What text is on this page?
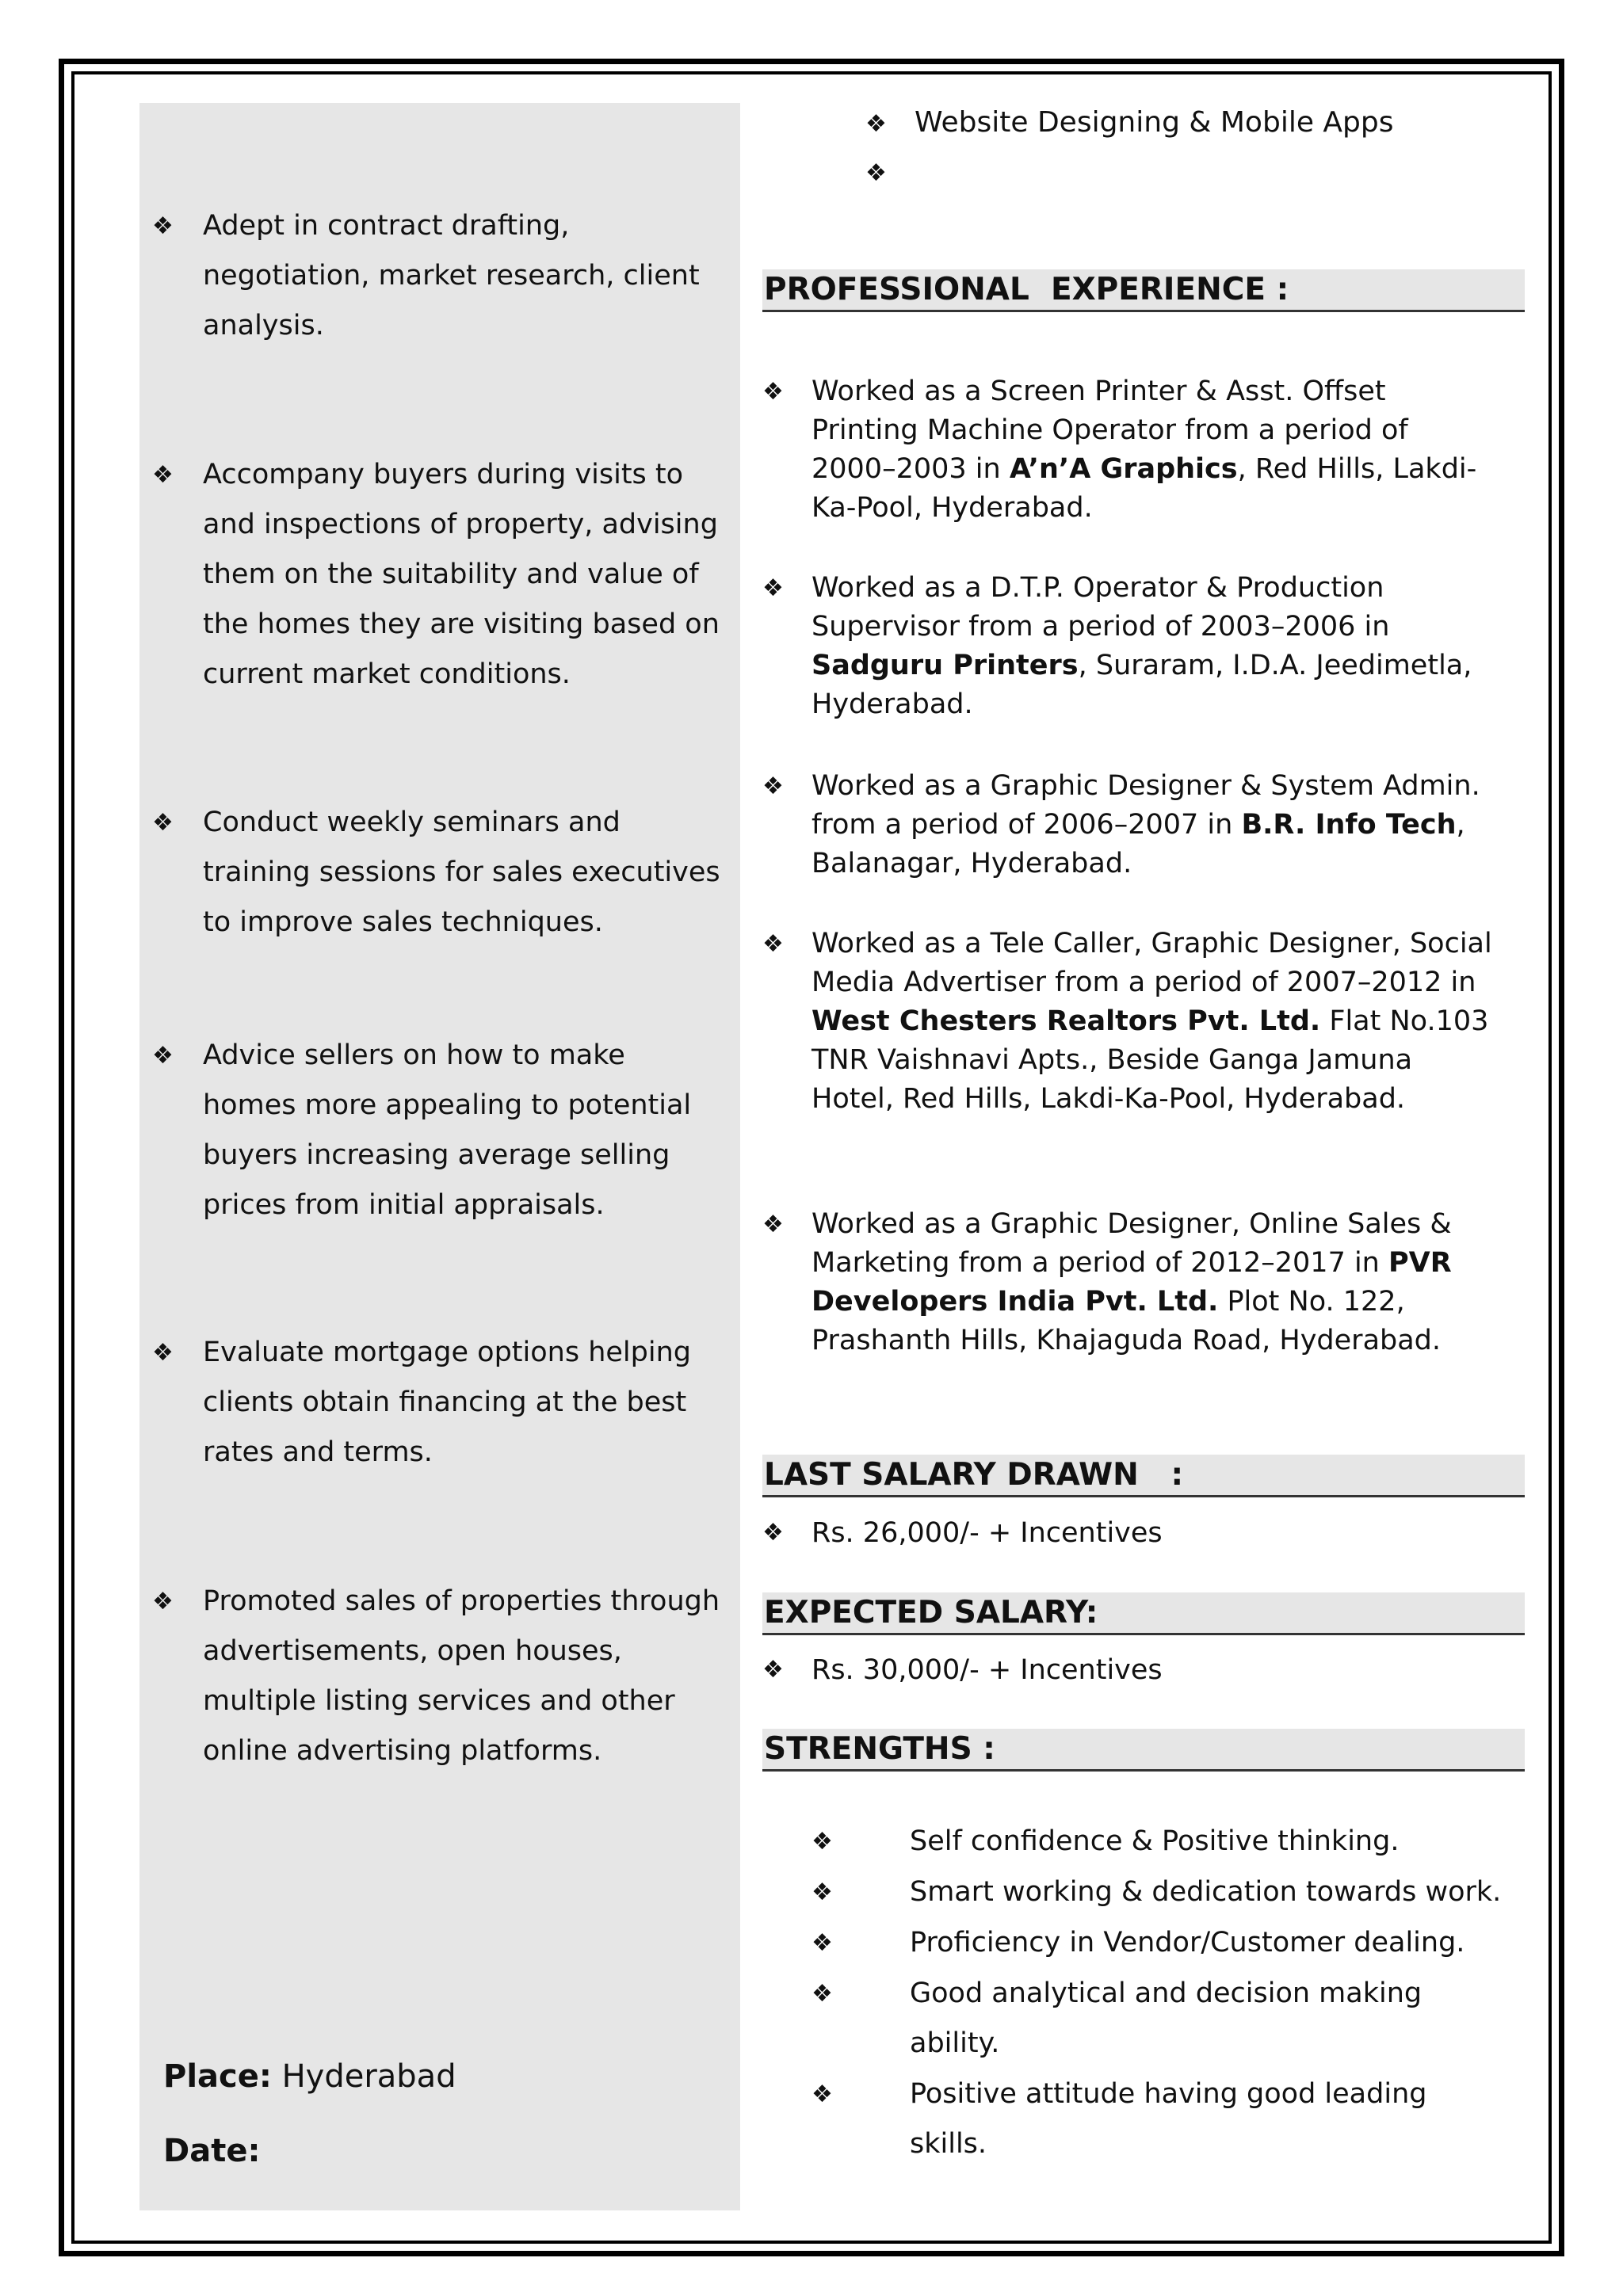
❖ Adept in contract drafting, negotiation, market research, client analysis.
❖ Accompany buyers during visits to and inspections of property, advising them on the suitability and value of the homes they are visiting based on current market conditions.
❖ Conduct weekly seminars and training sessions for sales executives to improve sales techniques.
❖ Advice sellers on how to make homes more appealing to potential buyers increasing average selling prices from initial appraisals.
❖ Evaluate mortgage options helping clients obtain financing at the best rates and terms.
❖ Promoted sales of properties through advertisements, open houses, multiple listing services and other online advertising platforms.
Place: Hyderabad
Date:
❖ Website Designing & Mobile Apps
❖
PROFESSIONAL  EXPERIENCE :
❖ Worked as a Screen Printer & Asst. Offset Printing Machine Operator from a period of 2000–2003 in A’n’A Graphics, Red Hills, Lakdi-Ka-Pool, Hyderabad.
❖ Worked as a D.T.P. Operator & Production Supervisor from a period of 2003–2006 in Sadguru Printers, Suraram, I.D.A. Jeedimetla, Hyderabad.
❖ Worked as a Graphic Designer & System Admin. from a period of 2006–2007 in B.R. Info Tech, Balanagar, Hyderabad.
❖ Worked as a Tele Caller, Graphic Designer, Social Media Advertiser from a period of 2007–2012 in West Chesters Realtors Pvt. Ltd. Flat No.103 TNR Vaishnavi Apts., Beside Ganga Jamuna Hotel, Red Hills, Lakdi-Ka-Pool, Hyderabad.
❖ Worked as a Graphic Designer, Online Sales & Marketing from a period of 2012–2017 in PVR Developers India Pvt. Ltd. Plot No. 122, Prashanth Hills, Khajaguda Road, Hyderabad.
LAST SALARY DRAWN   :
❖ Rs. 26,000/- + Incentives
EXPECTED SALARY:
❖ Rs. 30,000/- + Incentives
STRENGTHS :
❖	Self confidence & Positive thinking.
❖	Smart working & dedication towards work.
❖	Proficiency in Vendor/Customer dealing.
❖	Good analytical and decision making ability.
❖	Positive attitude having good leading skills.
